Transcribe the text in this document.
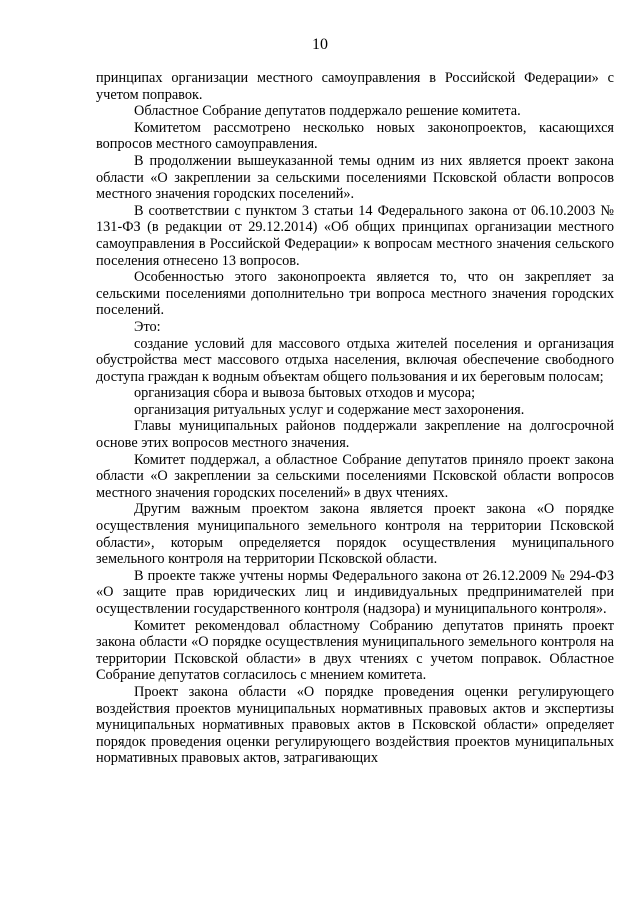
10

принципах организации местного самоуправления в Российской Федерации» с учетом поправок.

Областное Собрание депутатов поддержало решение комитета.

Комитетом рассмотрено несколько новых законопроектов, касающихся вопросов местного самоуправления.

В продолжении вышеуказанной темы одним из них является проект закона области «О закреплении за сельскими поселениями Псковской области вопросов местного значения городских поселений».

В соответствии с пунктом 3 статьи 14 Федерального закона от 06.10.2003 № 131-ФЗ (в редакции от 29.12.2014) «Об общих принципах организации местного самоуправления в Российской Федерации» к вопросам местного значения сельского поселения отнесено 13 вопросов.

Особенностью этого законопроекта является то, что он закрепляет за сельскими поселениями дополнительно три вопроса местного значения городских поселений.

Это:

создание условий для массового отдыха жителей поселения и организация обустройства мест массового отдыха населения, включая обеспечение свободного доступа граждан к водным объектам общего пользования и их береговым полосам;

организация сбора и вывоза бытовых отходов и мусора;

организация ритуальных услуг и содержание мест захоронения.

Главы муниципальных районов поддержали закрепление на долгосрочной основе этих вопросов местного значения.

Комитет поддержал, а областное Собрание депутатов приняло проект закона области «О закреплении за сельскими поселениями Псковской области вопросов местного значения городских поселений» в двух чтениях.

Другим важным проектом закона является проект закона «О порядке осуществления муниципального земельного контроля на территории Псковской области», которым определяется порядок осуществления муниципального земельного контроля на территории Псковской области.

В проекте также учтены нормы Федерального закона от 26.12.2009 № 294-ФЗ «О защите прав юридических лиц и индивидуальных предпринимателей при осуществлении государственного контроля (надзора) и муниципального контроля».

Комитет рекомендовал областному Собранию депутатов принять проект закона области «О порядке осуществления муниципального земельного контроля на территории Псковской области» в двух чтениях с учетом поправок. Областное Собрание депутатов согласилось с мнением комитета.

Проект закона области «О порядке проведения оценки регулирующего воздействия проектов муниципальных нормативных правовых актов и экспертизы муниципальных нормативных правовых актов в Псковской области» определяет порядок проведения оценки регулирующего воздействия проектов муниципальных нормативных правовых актов, затрагивающих
